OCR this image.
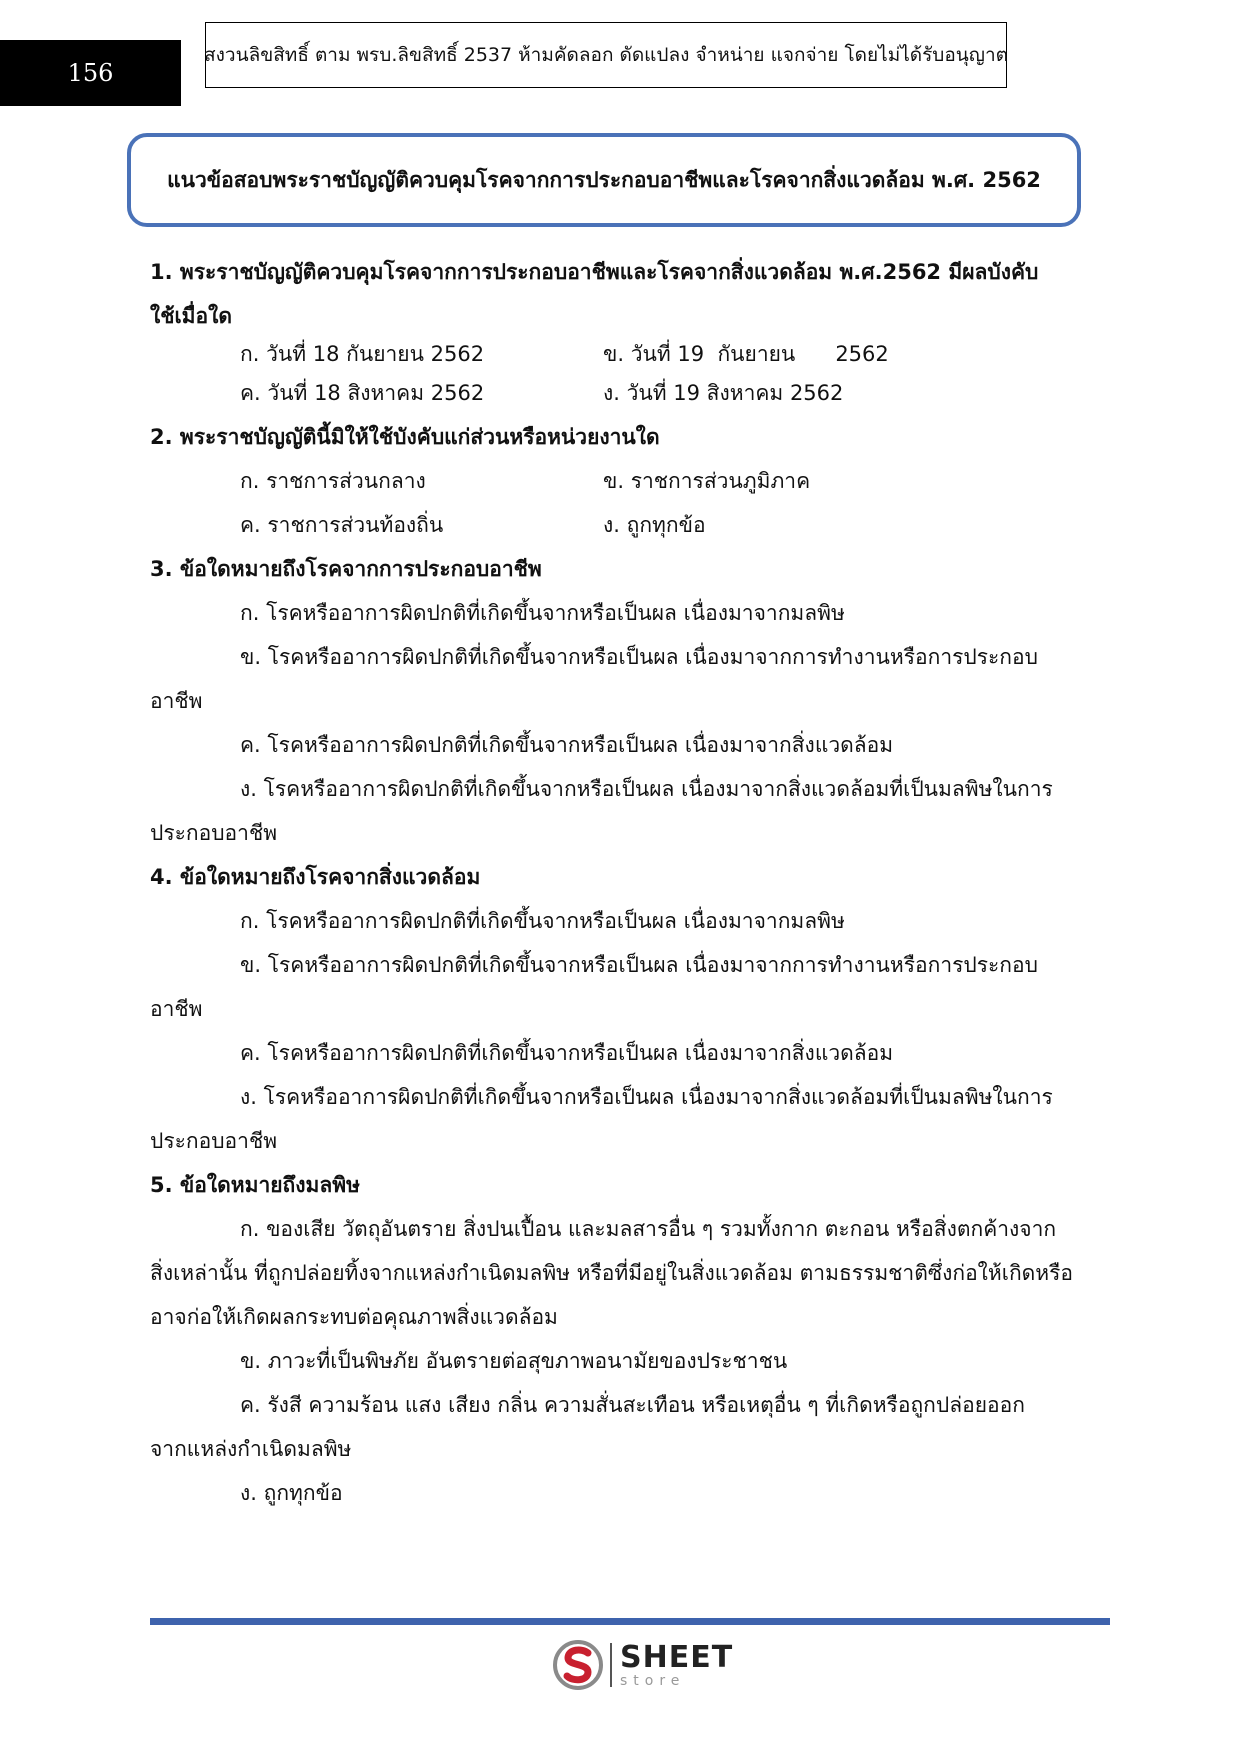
156
สงวนลิขสิทธิ์ ตาม พรบ.ลิขสิทธิ์ 2537 ห้ามคัดลอก ดัดแปลง จำหน่าย แจกจ่าย โดยไม่ได้รับอนุญาต
แนวข้อสอบพระราชบัญญัติควบคุมโรคจากการประกอบอาชีพและโรคจากสิ่งแวดล้อม พ.ศ. 2562
1. พระราชบัญญัติควบคุมโรคจากการประกอบอาชีพและโรคจากสิ่งแวดล้อม พ.ศ.2562 มีผลบังคับ
ใช้เมื่อใด
ก. วันที่ 18 กันยายน 2562	ข. วันที่ 19  กันยายน      2562
ค. วันที่ 18 สิงหาคม 2562	ง. วันที่ 19 สิงหาคม 2562
2. พระราชบัญญัตินี้มิให้ใช้บังคับแก่ส่วนหรือหน่วยงานใด
ก. ราชการส่วนกลาง	ข. ราชการส่วนภูมิภาค
ค. ราชการส่วนท้องถิ่น	ง. ถูกทุกข้อ
3. ข้อใดหมายถึงโรคจากการประกอบอาชีพ
ก. โรคหรืออาการผิดปกติที่เกิดขึ้นจากหรือเป็นผล เนื่องมาจากมลพิษ
ข. โรคหรืออาการผิดปกติที่เกิดขึ้นจากหรือเป็นผล เนื่องมาจากการทำงานหรือการประกอบ
อาชีพ
ค. โรคหรืออาการผิดปกติที่เกิดขึ้นจากหรือเป็นผล เนื่องมาจากสิ่งแวดล้อม
ง. โรคหรืออาการผิดปกติที่เกิดขึ้นจากหรือเป็นผล เนื่องมาจากสิ่งแวดล้อมที่เป็นมลพิษในการ
ประกอบอาชีพ
4. ข้อใดหมายถึงโรคจากสิ่งแวดล้อม
ก. โรคหรืออาการผิดปกติที่เกิดขึ้นจากหรือเป็นผล เนื่องมาจากมลพิษ
ข. โรคหรืออาการผิดปกติที่เกิดขึ้นจากหรือเป็นผล เนื่องมาจากการทำงานหรือการประกอบ
อาชีพ
ค. โรคหรืออาการผิดปกติที่เกิดขึ้นจากหรือเป็นผล เนื่องมาจากสิ่งแวดล้อม
ง. โรคหรืออาการผิดปกติที่เกิดขึ้นจากหรือเป็นผล เนื่องมาจากสิ่งแวดล้อมที่เป็นมลพิษในการ
ประกอบอาชีพ
5. ข้อใดหมายถึงมลพิษ
ก. ของเสีย วัตถุอันตราย สิ่งปนเปื้อน และมลสารอื่น ๆ รวมทั้งกาก ตะกอน หรือสิ่งตกค้างจาก
สิ่งเหล่านั้น ที่ถูกปล่อยทิ้งจากแหล่งกำเนิดมลพิษ หรือที่มีอยู่ในสิ่งแวดล้อม ตามธรรมชาติซึ่งก่อให้เกิดหรือ
อาจก่อให้เกิดผลกระทบต่อคุณภาพสิ่งแวดล้อม
ข. ภาวะที่เป็นพิษภัย อันตรายต่อสุขภาพอนามัยของประชาชน
ค. รังสี ความร้อน แสง เสียง กลิ่น ความสั่นสะเทือน หรือเหตุอื่น ๆ ที่เกิดหรือถูกปล่อยออก
จากแหล่งกำเนิดมลพิษ
ง. ถูกทุกข้อ
SHEET
store
